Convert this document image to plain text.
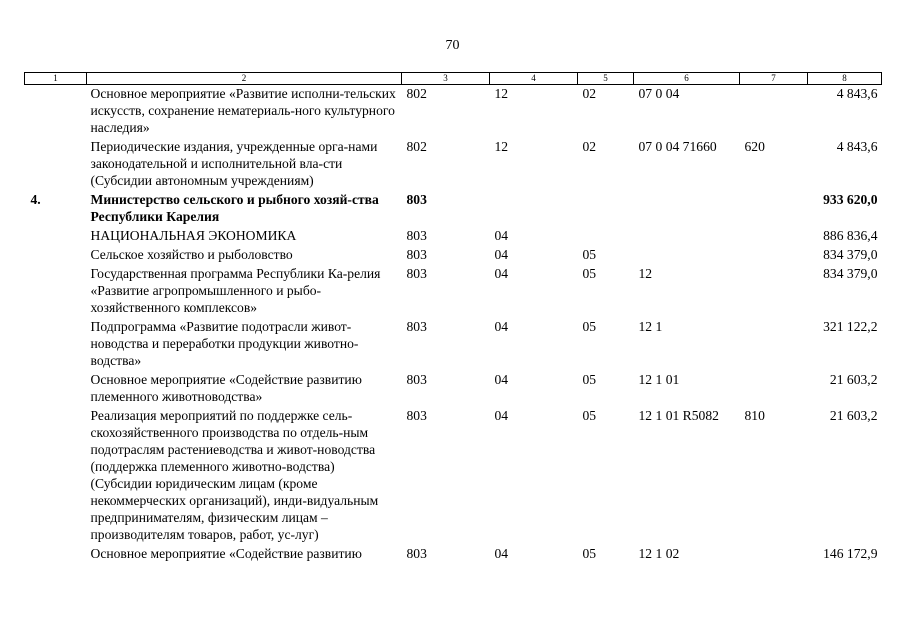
70
1	2	3	4	5	6	7	8
	Основное мероприятие «Развитие исполни-тельских искусств, сохранение нематериаль-ного культурного наследия»	802	12	02	07 0 04		4 843,6
	Периодические издания, учрежденные орга-нами законодательной и исполнительной вла-сти (Субсидии автономным учреждениям)	802	12	02	07 0 04 71660	620	4 843,6
4.	Министерство сельского и рыбного хозяй-ства Республики Карелия	803					933 620,0
	НАЦИОНАЛЬНАЯ ЭКОНОМИКА	803	04				886 836,4
	Сельское хозяйство и рыболовство	803	04	05			834 379,0
	Государственная программа Республики Ка-релия «Развитие агропромышленного и рыбо-хозяйственного комплексов»	803	04	05	12		834 379,0
	Подпрограмма «Развитие подотрасли живот-новодства и переработки продукции животно-водства»	803	04	05	12 1		321 122,2
	Основное мероприятие «Содействие развитию племенного животноводства»	803	04	05	12 1 01		21 603,2
	Реализация мероприятий по поддержке сель-скохозяйственного производства по отдель-ным подотраслям растениеводства и живот-новодства (поддержка племенного животно-водства) (Субсидии юридическим лицам (кроме некоммерческих организаций), инди-видуальным предпринимателям, физическим лицам – производителям товаров, работ, ус-луг)	803	04	05	12 1 01 R5082	810	21 603,2
	Основное мероприятие «Содействие развитию	803	04	05	12 1 02		146 172,9
